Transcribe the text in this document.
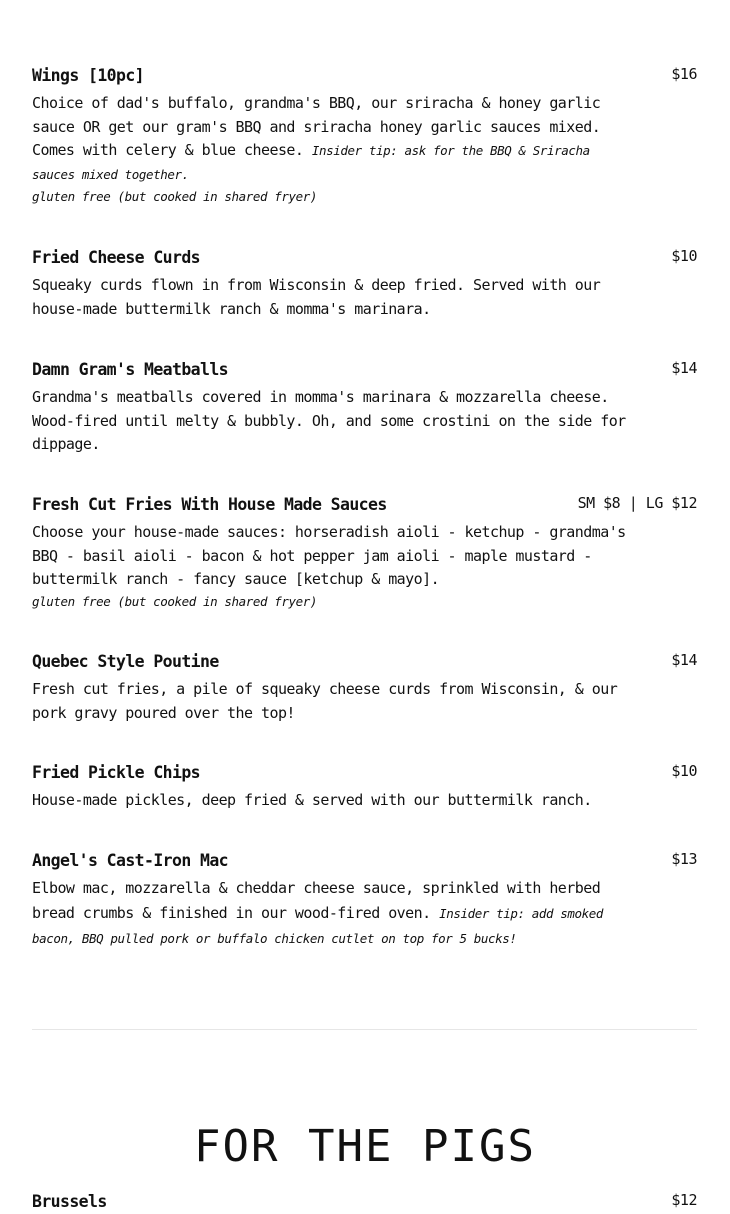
Wings [10pc]	$16
Choice of dad's buffalo, grandma's BBQ, our sriracha & honey garlic sauce OR get our gram's BBQ and sriracha honey garlic sauces mixed. Comes with celery & blue cheese. Insider tip: ask for the BBQ & Sriracha sauces mixed together.
gluten free (but cooked in shared fryer)
Fried Cheese Curds	$10
Squeaky curds flown in from Wisconsin & deep fried. Served with our house-made buttermilk ranch & momma's marinara.
Damn Gram's Meatballs	$14
Grandma's meatballs covered in momma's marinara & mozzarella cheese. Wood-fired until melty & bubbly. Oh, and some crostini on the side for dippage.
Fresh Cut Fries With House Made Sauces	SM $8 | LG $12
Choose your house-made sauces: horseradish aioli - ketchup - grandma's BBQ - basil aioli - bacon & hot pepper jam aioli - maple mustard - buttermilk ranch - fancy sauce [ketchup & mayo].
gluten free (but cooked in shared fryer)
Quebec Style Poutine	$14
Fresh cut fries, a pile of squeaky cheese curds from Wisconsin, & our pork gravy poured over the top!
Fried Pickle Chips	$10
House-made pickles, deep fried & served with our buttermilk ranch.
Angel's Cast-Iron Mac	$13
Elbow mac, mozzarella & cheddar cheese sauce, sprinkled with herbed bread crumbs & finished in our wood-fired oven. Insider tip: add smoked bacon, BBQ pulled pork or buffalo chicken cutlet on top for 5 bucks!
FOR THE PIGS
Brussels	$12
